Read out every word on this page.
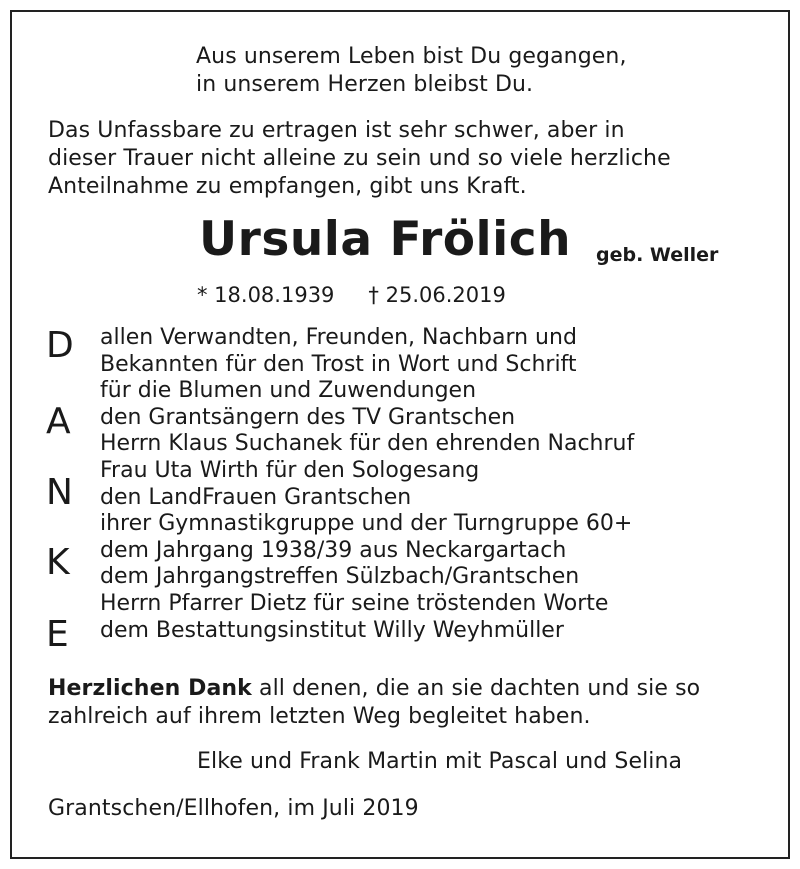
Aus unserem Leben bist Du gegangen,
in unserem Herzen bleibst Du.
Das Unfassbare zu ertragen ist sehr schwer, aber in
dieser Trauer nicht alleine zu sein und so viele herzliche
Anteilnahme zu empfangen, gibt uns Kraft.
Ursula Frölich geb. Weller
* 18.08.1939 † 25.06.2019
D
A
N
K
E
allen Verwandten, Freunden, Nachbarn und
Bekannten für den Trost in Wort und Schrift
für die Blumen und Zuwendungen
den Grantsängern des TV Grantschen
Herrn Klaus Suchanek für den ehrenden Nachruf
Frau Uta Wirth für den Sologesang
den LandFrauen Grantschen
ihrer Gymnastikgruppe und der Turngruppe 60+
dem Jahrgang 1938/39 aus Neckargartach
dem Jahrgangstreffen Sülzbach/Grantschen
Herrn Pfarrer Dietz für seine tröstenden Worte
dem Bestattungsinstitut Willy Weyhmüller
Herzlichen Dank all denen, die an sie dachten und sie so
zahlreich auf ihrem letzten Weg begleitet haben.
Elke und Frank Martin mit Pascal und Selina
Grantschen/Ellhofen, im Juli 2019
